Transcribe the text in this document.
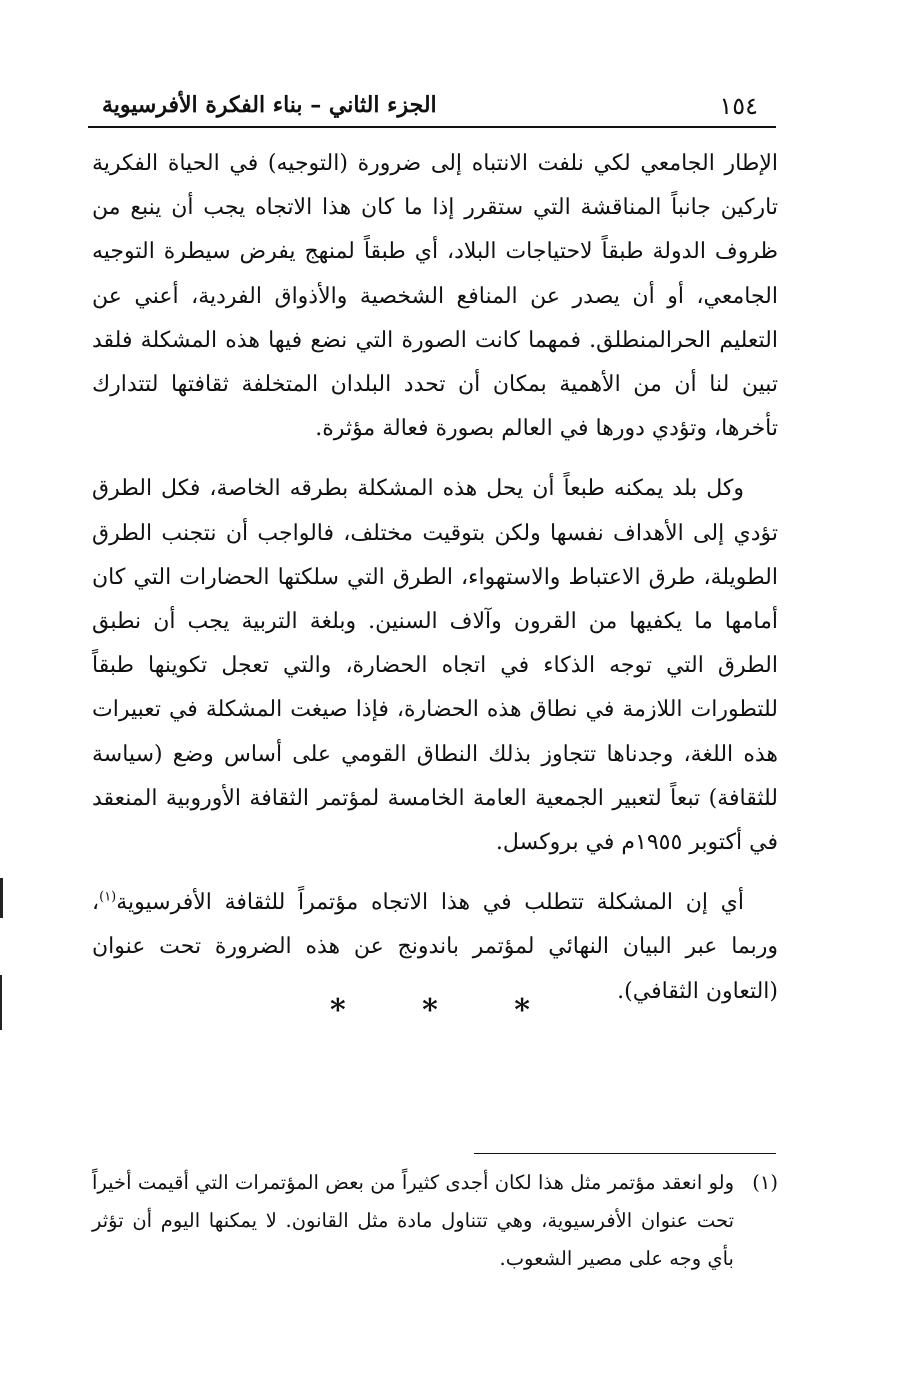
١٥٤
الجزء الثاني – بناء الفكرة الأفرسيوية

الإطار الجامعي لكي نلفت الانتباه إلى ضرورة (التوجيه) في الحياة الفكرية تاركين جانباً المناقشة التي ستقرر إذا ما كان هذا الاتجاه يجب أن ينبع من ظروف الدولة طبقاً لاحتياجات البلاد، أي طبقاً لمنهج يفرض سيطرة التوجيه الجامعي، أو أن يصدر عن المنافع الشخصية والأذواق الفردية، أعني عن التعليم الحرالمنطلق. فمهما كانت الصورة التي نضع فيها هذه المشكلة فلقد تبين لنا أن من الأهمية بمكان أن تحدد البلدان المتخلفة ثقافتها لتتدارك تأخرها، وتؤدي دورها في العالم بصورة فعالة مؤثرة.

وكل بلد يمكنه طبعاً أن يحل هذه المشكلة بطرقه الخاصة، فكل الطرق تؤدي إلى الأهداف نفسها ولكن بتوقيت مختلف، فالواجب أن نتجنب الطرق الطويلة، طرق الاعتباط والاستهواء، الطرق التي سلكتها الحضارات التي كان أمامها ما يكفيها من القرون وآلاف السنين. وبلغة التربية يجب أن نطبق الطرق التي توجه الذكاء في اتجاه الحضارة، والتي تعجل تكوينها طبقاً للتطورات اللازمة في نطاق هذه الحضارة، فإذا صيغت المشكلة في تعبيرات هذه اللغة، وجدناها تتجاوز بذلك النطاق القومي على أساس وضع (سياسة للثقافة) تبعاً لتعبير الجمعية العامة الخامسة لمؤتمر الثقافة الأوروبية المنعقد في أكتوبر ١٩٥٥م في بروكسل.

أي إن المشكلة تتطلب في هذا الاتجاه مؤتمراً للثقافة الأفرسيوية$^{(١)}$، وربما عبر البيان النهائي لمؤتمر باندونج عن هذه الضرورة تحت عنوان (التعاون الثقافي).

*	*	*

(١)ولو انعقد مؤتمر مثل هذا لكان أجدى كثيراً من بعض المؤتمرات التي أقيمت أخيراً تحت عنوان الأفرسيوية، وهي تتناول مادة مثل القانون. لا يمكنها اليوم أن تؤثر بأي وجه على مصير الشعوب.
